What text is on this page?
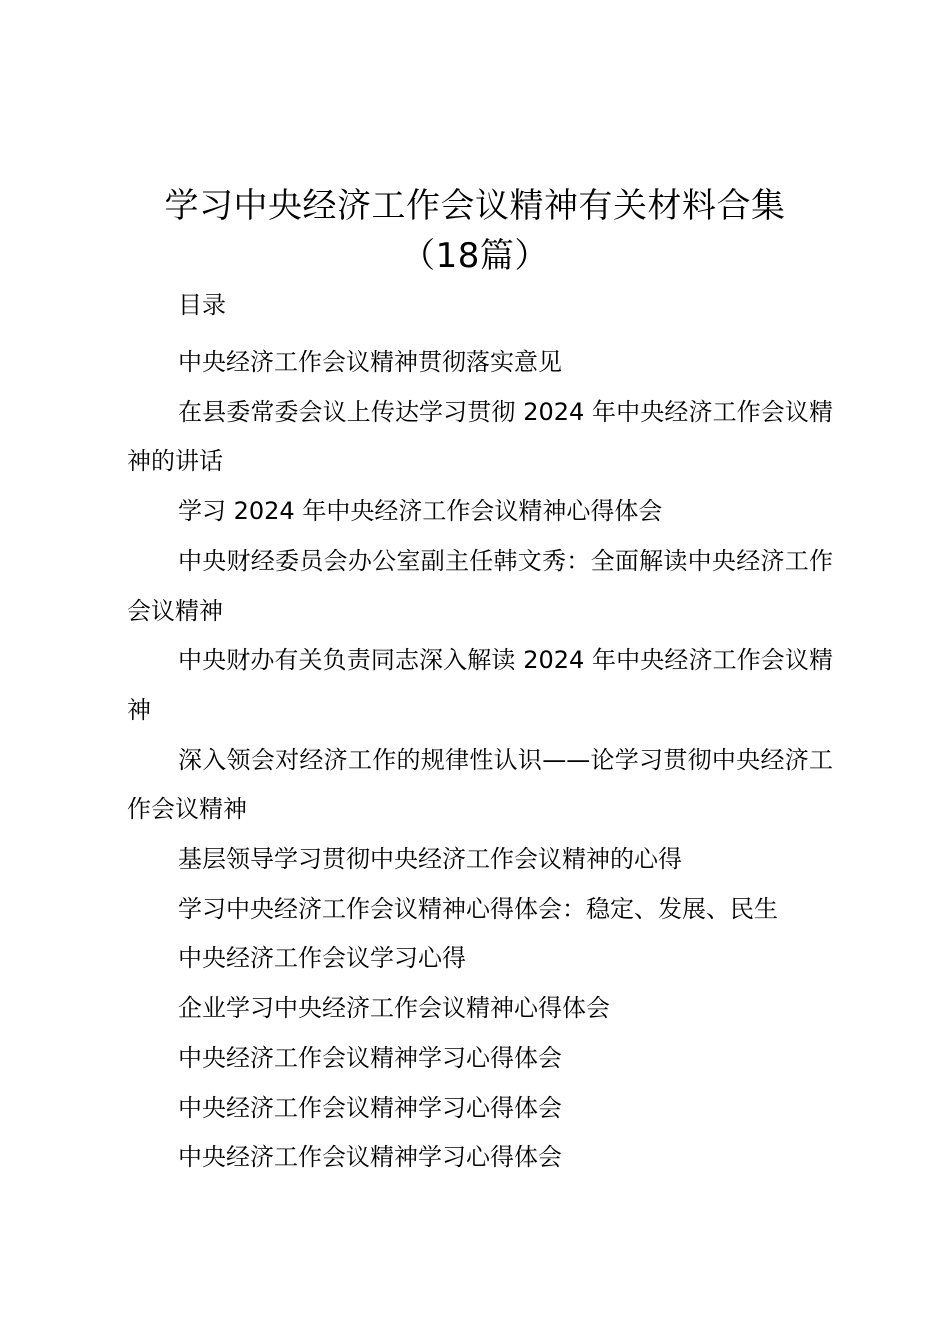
学习中央经济工作会议精神有关材料合集
（18篇）

目录

中央经济工作会议精神贯彻落实意见
在县委常委会议上传达学习贯彻 2024 年中央经济工作会议精神的讲话
学习 2024 年中央经济工作会议精神心得体会
中央财经委员会办公室副主任韩文秀：全面解读中央经济工作会议精神
中央财办有关负责同志深入解读 2024 年中央经济工作会议精神
深入领会对经济工作的规律性认识——论学习贯彻中央经济工作会议精神
基层领导学习贯彻中央经济工作会议精神的心得
学习中央经济工作会议精神心得体会：稳定、发展、民生
中央经济工作会议学习心得
企业学习中央经济工作会议精神心得体会
中央经济工作会议精神学习心得体会
中央经济工作会议精神学习心得体会
中央经济工作会议精神学习心得体会
